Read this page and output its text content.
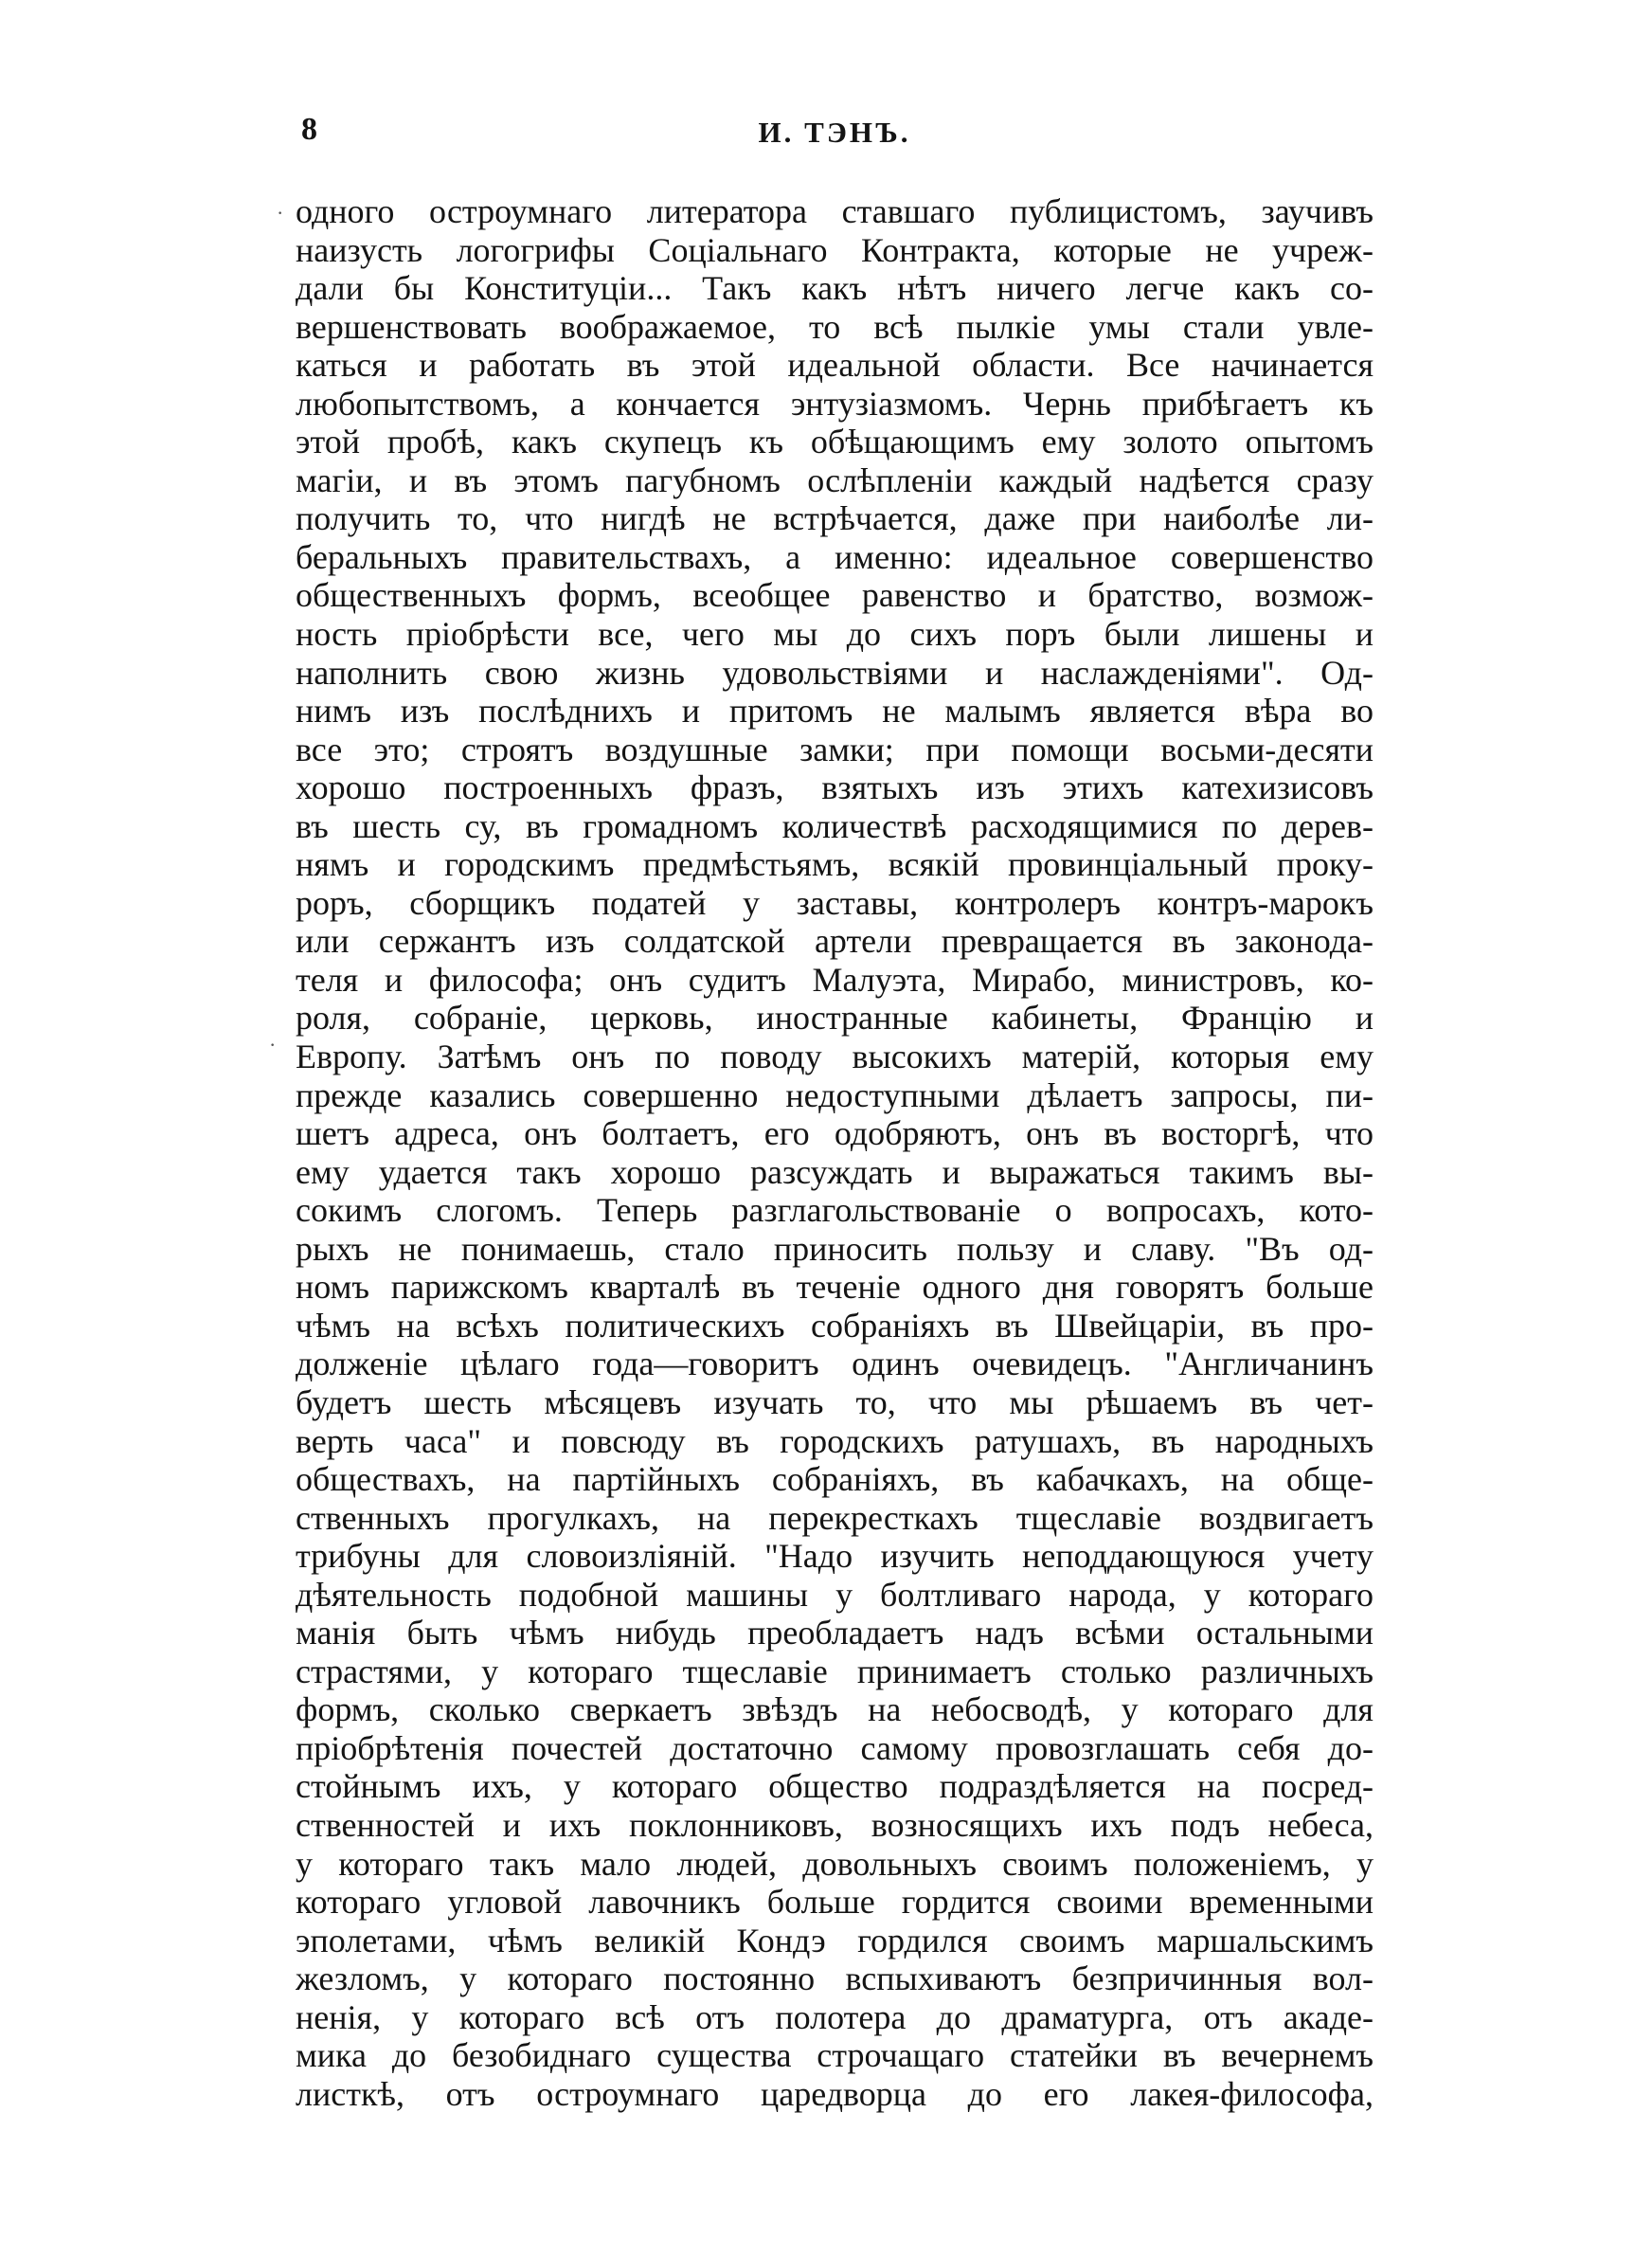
8	И. ТЭНЪ.
·
·
одного остроумнаго литератора ставшаго публицистомъ, заучивъ
наизусть логогрифы Соціальнаго Контракта, которые не учреж-
дали бы Конституціи... Такъ какъ нѣтъ ничего легче какъ со-
вершенствовать воображаемое, то всѣ пылкіе умы стали увле-
каться и работать въ этой идеальной области. Все начинается
любопытствомъ, а кончается энтузіазмомъ. Чернь прибѣгаетъ къ
этой пробѣ, какъ скупецъ къ обѣщающимъ ему золото опытомъ
магіи, и въ этомъ пагубномъ ослѣпленіи каждый надѣется сразу
получить то, что нигдѣ не встрѣчается, даже при наиболѣе ли-
беральныхъ правительствахъ, а именно: идеальное совершенство
общественныхъ формъ, всеобщее равенство и братство, возмож-
ность пріобрѣсти все, чего мы до сихъ поръ были лишены и
наполнить свою жизнь удовольствіями и наслажденіями". Од-
нимъ изъ послѣднихъ и притомъ не малымъ является вѣра во
все это; строятъ воздушные замки; при помощи восьми-десяти
хорошо построенныхъ фразъ, взятыхъ изъ этихъ катехизисовъ
въ шесть су, въ громадномъ количествѣ расходящимися по дерев-
нямъ и городскимъ предмѣстьямъ, всякій провинціальный проку-
роръ, сборщикъ податей у заставы, контролеръ контръ-марокъ
или сержантъ изъ солдатской артели превращается въ законода-
теля и философа; онъ судитъ Малуэта, Мирабо, министровъ, ко-
роля, собраніе, церковь, иностранные кабинеты, Францію и
Европу. Затѣмъ онъ по поводу высокихъ матерій, которыя ему
прежде казались совершенно недоступными дѣлаетъ запросы, пи-
шетъ адреса, онъ болтаетъ, его одобряютъ, онъ въ восторгѣ, что
ему удается такъ хорошо разсуждать и выражаться такимъ вы-
сокимъ слогомъ. Теперь разглагольствованіе о вопросахъ, кото-
рыхъ не понимаешь, стало приносить пользу и славу. "Въ од-
номъ парижскомъ кварталѣ въ теченіе одного дня говорятъ больше
чѣмъ на всѣхъ политическихъ собраніяхъ въ Швейцаріи, въ про-
долженіе цѣлаго года—говоритъ одинъ очевидецъ. "Англичанинъ
будетъ шесть мѣсяцевъ изучать то, что мы рѣшаемъ въ чет-
верть часа" и повсюду въ городскихъ ратушахъ, въ народныхъ
обществахъ, на партійныхъ собраніяхъ, въ кабачкахъ, на обще-
ственныхъ прогулкахъ, на перекресткахъ тщеславіе воздвигаетъ
трибуны для словоизліяній. "Надо изучить неподдающуюся учету
дѣятельность подобной машины у болтливаго народа, у котораго
манія быть чѣмъ нибудь преобладаетъ надъ всѣми остальными
страстями, у котораго тщеславіе принимаетъ столько различныхъ
формъ, сколько сверкаетъ звѣздъ на небосводѣ, у котораго для
пріобрѣтенія почестей достаточно самому провозглашать себя до-
стойнымъ ихъ, у котораго общество подраздѣляется на посред-
ственностей и ихъ поклонниковъ, возносящихъ ихъ подъ небеса,
у котораго такъ мало людей, довольныхъ своимъ положеніемъ, у
котораго угловой лавочникъ больше гордится своими временными
эполетами, чѣмъ великій Кондэ гордился своимъ маршальскимъ
жезломъ, у котораго постоянно вспыхиваютъ безпричинныя вол-
ненія, у котораго всѣ отъ полотера до драматурга, отъ акаде-
мика до безобиднаго существа строчащаго статейки въ вечернемъ
листкѣ, отъ остроумнаго царедворца до его лакея-философа,
